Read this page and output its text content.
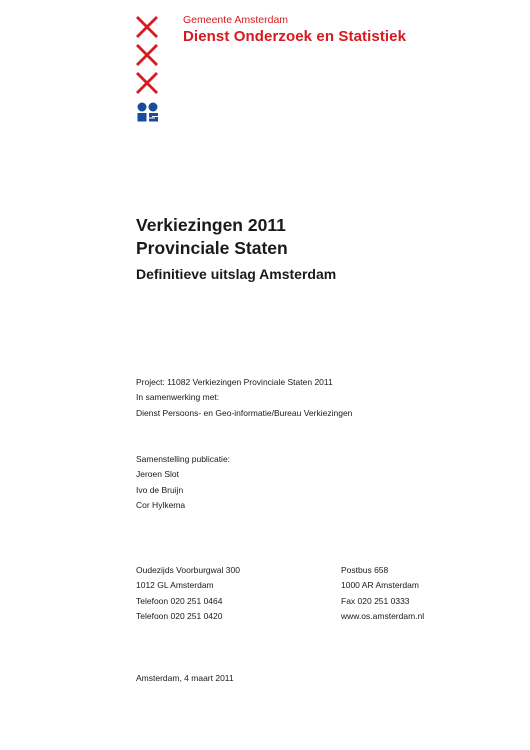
Gemeente Amsterdam
Dienst Onderzoek en Statistiek
Verkiezingen 2011
Provinciale Staten
Definitieve uitslag Amsterdam
Project: 11082 Verkiezingen Provinciale Staten 2011
In samenwerking met:
Dienst Persoons- en Geo-informatie/Bureau Verkiezingen
Samenstelling publicatie:
Jeroen Slot
Ivo de Bruijn
Cor Hylkema
Oudezijds Voorburgwal 300
1012 GL Amsterdam
Telefoon 020 251 0464
Telefoon 020 251 0420
Postbus 658
1000 AR Amsterdam
Fax 020 251 0333
www.os.amsterdam.nl
Amsterdam, 4 maart 2011
